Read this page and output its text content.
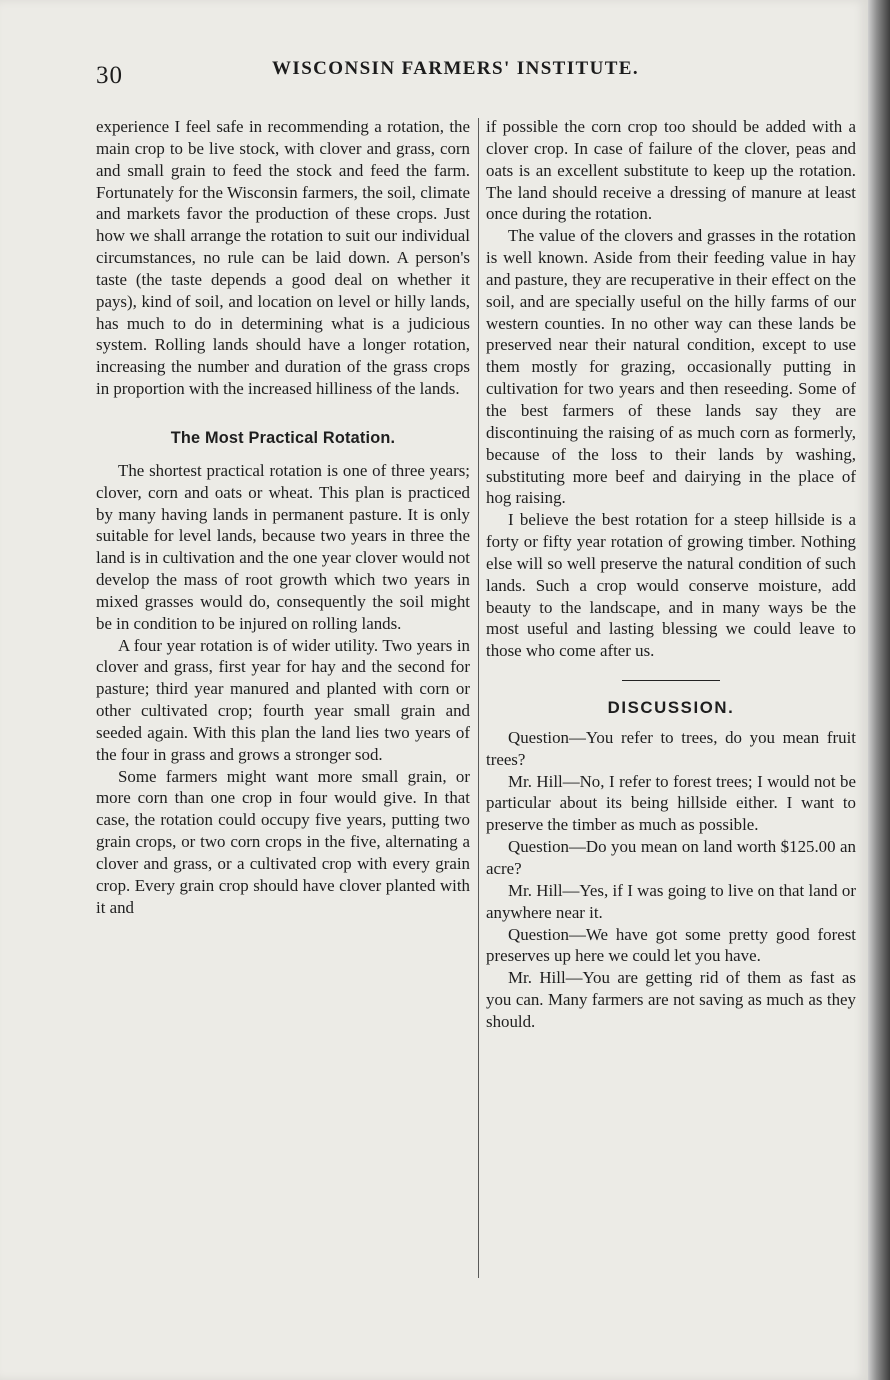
30	WISCONSIN FARMERS' INSTITUTE.

experience I feel safe in recommending a rotation, the main crop to be live stock, with clover and grass, corn and small grain to feed the stock and feed the farm. Fortunately for the Wisconsin farmers, the soil, climate and markets favor the production of these crops. Just how we shall arrange the rotation to suit our individual circumstances, no rule can be laid down. A person's taste (the taste depends a good deal on whether it pays), kind of soil, and location on level or hilly lands, has much to do in determining what is a judicious system. Rolling lands should have a longer rotation, increasing the number and duration of the grass crops in proportion with the increased hilliness of the lands.

The Most Practical Rotation.

The shortest practical rotation is one of three years; clover, corn and oats or wheat. This plan is practiced by many having lands in permanent pasture. It is only suitable for level lands, because two years in three the land is in cultivation and the one year clover would not develop the mass of root growth which two years in mixed grasses would do, consequently the soil might be in condition to be injured on rolling lands.

A four year rotation is of wider utility. Two years in clover and grass, first year for hay and the second for pasture; third year manured and planted with corn or other cultivated crop; fourth year small grain and seeded again. With this plan the land lies two years of the four in grass and grows a stronger sod.

Some farmers might want more small grain, or more corn than one crop in four would give. In that case, the rotation could occupy five years, putting two grain crops, or two corn crops in the five, alternating a clover and grass, or a cultivated crop with every grain crop. Every grain crop should have clover planted with it and

if possible the corn crop too should be added with a clover crop. In case of failure of the clover, peas and oats is an excellent substitute to keep up the rotation. The land should receive a dressing of manure at least once during the rotation.

The value of the clovers and grasses in the rotation is well known. Aside from their feeding value in hay and pasture, they are recuperative in their effect on the soil, and are specially useful on the hilly farms of our western counties. In no other way can these lands be preserved near their natural condition, except to use them mostly for grazing, occasionally putting in cultivation for two years and then reseeding. Some of the best farmers of these lands say they are discontinuing the raising of as much corn as formerly, because of the loss to their lands by washing, substituting more beef and dairying in the place of hog raising.

I believe the best rotation for a steep hillside is a forty or fifty year rotation of growing timber. Nothing else will so well preserve the natural condition of such lands. Such a crop would conserve moisture, add beauty to the landscape, and in many ways be the most useful and lasting blessing we could leave to those who come after us.

DISCUSSION.

Question—You refer to trees, do you mean fruit trees?

Mr. Hill—No, I refer to forest trees; I would not be particular about its being hillside either. I want to preserve the timber as much as possible.

Question—Do you mean on land worth $125.00 an acre?

Mr. Hill—Yes, if I was going to live on that land or anywhere near it.

Question—We have got some pretty good forest preserves up here we could let you have.

Mr. Hill—You are getting rid of them as fast as you can. Many farmers are not saving as much as they should.
